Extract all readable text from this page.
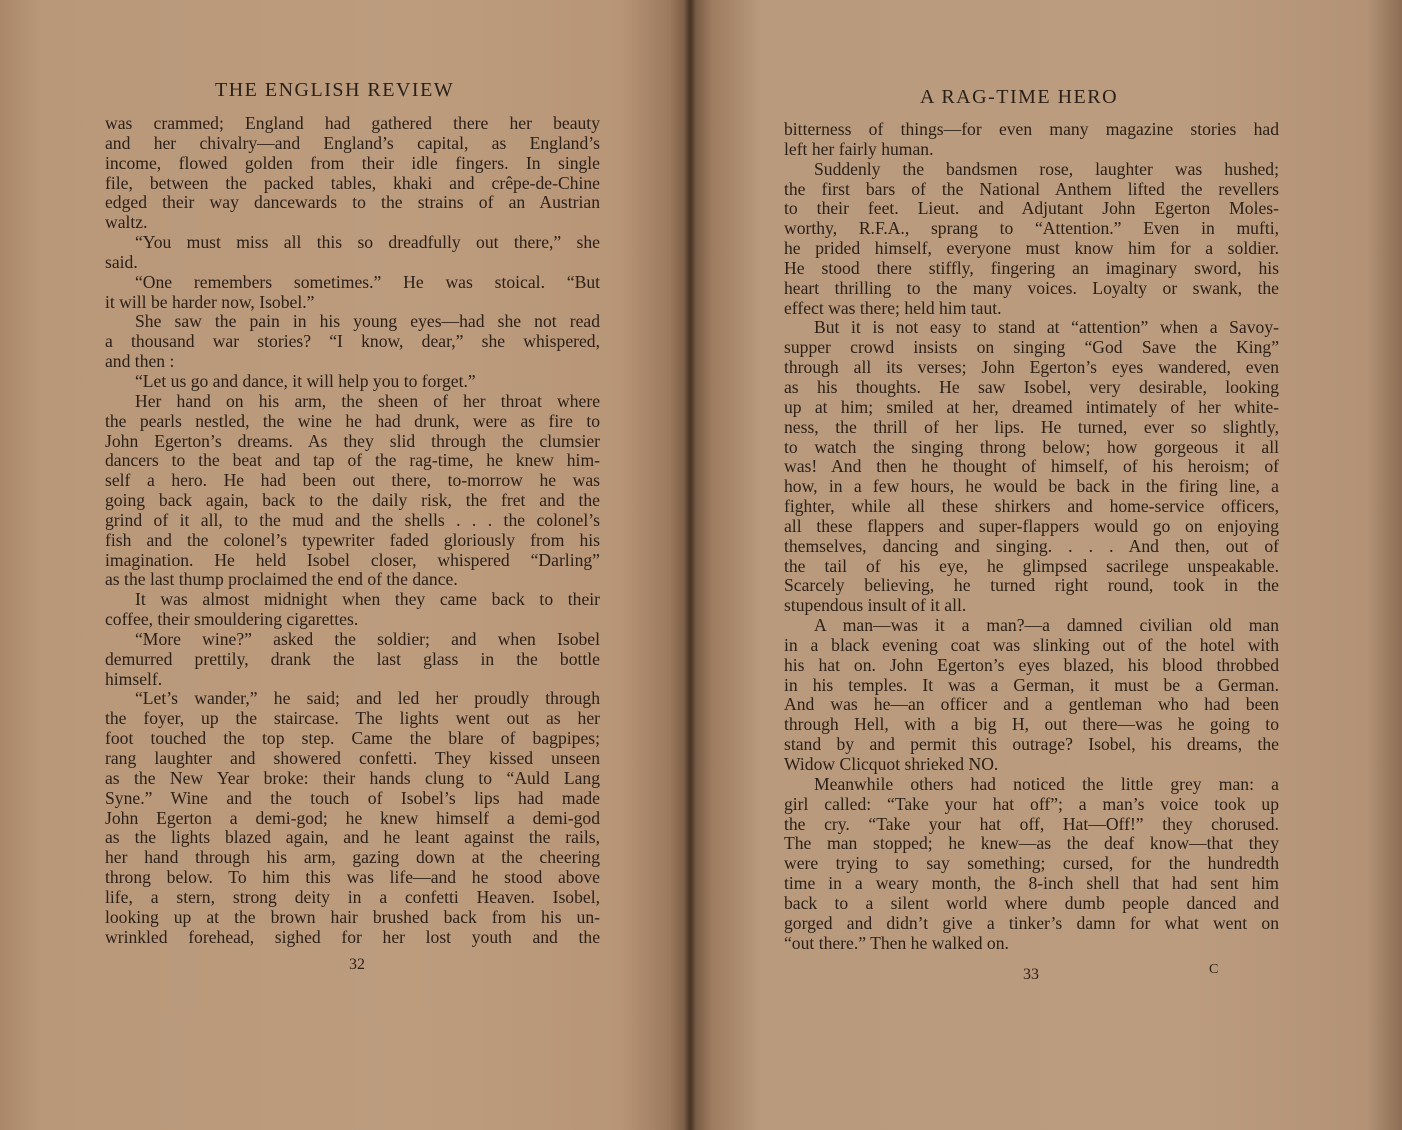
THE ENGLISH REVIEW
was crammed; England had gathered there her beauty
and her chivalry—and England’s capital, as England’s
income, flowed golden from their idle fingers. In single
file, between the packed tables, khaki and crêpe-de-Chine
edged their way dancewards to the strains of an Austrian
waltz.
“You must miss all this so dreadfully out there,” she
said.
“One remembers sometimes.” He was stoical. “But
it will be harder now, Isobel.”
She saw the pain in his young eyes—had she not read
a thousand war stories? “I know, dear,” she whispered,
and then :
“Let us go and dance, it will help you to forget.”
Her hand on his arm, the sheen of her throat where
the pearls nestled, the wine he had drunk, were as fire to
John Egerton’s dreams. As they slid through the clumsier
dancers to the beat and tap of the rag-time, he knew him-
self a hero. He had been out there, to-morrow he was
going back again, back to the daily risk, the fret and the
grind of it all, to the mud and the shells . . . the colonel’s
fish and the colonel’s typewriter faded gloriously from his
imagination. He held Isobel closer, whispered “Darling”
as the last thump proclaimed the end of the dance.
It was almost midnight when they came back to their
coffee, their smouldering cigarettes.
“More wine?” asked the soldier; and when Isobel
demurred prettily, drank the last glass in the bottle
himself.
“Let’s wander,” he said; and led her proudly through
the foyer, up the staircase. The lights went out as her
foot touched the top step. Came the blare of bagpipes;
rang laughter and showered confetti. They kissed unseen
as the New Year broke: their hands clung to “Auld Lang
Syne.” Wine and the touch of Isobel’s lips had made
John Egerton a demi-god; he knew himself a demi-god
as the lights blazed again, and he leant against the rails,
her hand through his arm, gazing down at the cheering
throng below. To him this was life—and he stood above
life, a stern, strong deity in a confetti Heaven. Isobel,
looking up at the brown hair brushed back from his un-
wrinkled forehead, sighed for her lost youth and the
32
A RAG-TIME HERO
bitterness of things—for even many magazine stories had
left her fairly human.
Suddenly the bandsmen rose, laughter was hushed;
the first bars of the National Anthem lifted the revellers
to their feet. Lieut. and Adjutant John Egerton Moles-
worthy, R.F.A., sprang to “Attention.” Even in mufti,
he prided himself, everyone must know him for a soldier.
He stood there stiffly, fingering an imaginary sword, his
heart thrilling to the many voices. Loyalty or swank, the
effect was there; held him taut.
But it is not easy to stand at “attention” when a Savoy-
supper crowd insists on singing “God Save the King”
through all its verses; John Egerton’s eyes wandered, even
as his thoughts. He saw Isobel, very desirable, looking
up at him; smiled at her, dreamed intimately of her white-
ness, the thrill of her lips. He turned, ever so slightly,
to watch the singing throng below; how gorgeous it all
was! And then he thought of himself, of his heroism; of
how, in a few hours, he would be back in the firing line, a
fighter, while all these shirkers and home-service officers,
all these flappers and super-flappers would go on enjoying
themselves, dancing and singing. . . . And then, out of
the tail of his eye, he glimpsed sacrilege unspeakable.
Scarcely believing, he turned right round, took in the
stupendous insult of it all.
A man—was it a man?—a damned civilian old man
in a black evening coat was slinking out of the hotel with
his hat on. John Egerton’s eyes blazed, his blood throbbed
in his temples. It was a German, it must be a German.
And was he—an officer and a gentleman who had been
through Hell, with a big H, out there—was he going to
stand by and permit this outrage? Isobel, his dreams, the
Widow Clicquot shrieked NO.
Meanwhile others had noticed the little grey man: a
girl called: “Take your hat off”; a man’s voice took up
the cry. “Take your hat off, Hat—Off!” they chorused.
The man stopped; he knew—as the deaf know—that they
were trying to say something; cursed, for the hundredth
time in a weary month, the 8-inch shell that had sent him
back to a silent world where dumb people danced and
gorged and didn’t give a tinker’s damn for what went on
“out there.” Then he walked on.
33	C
